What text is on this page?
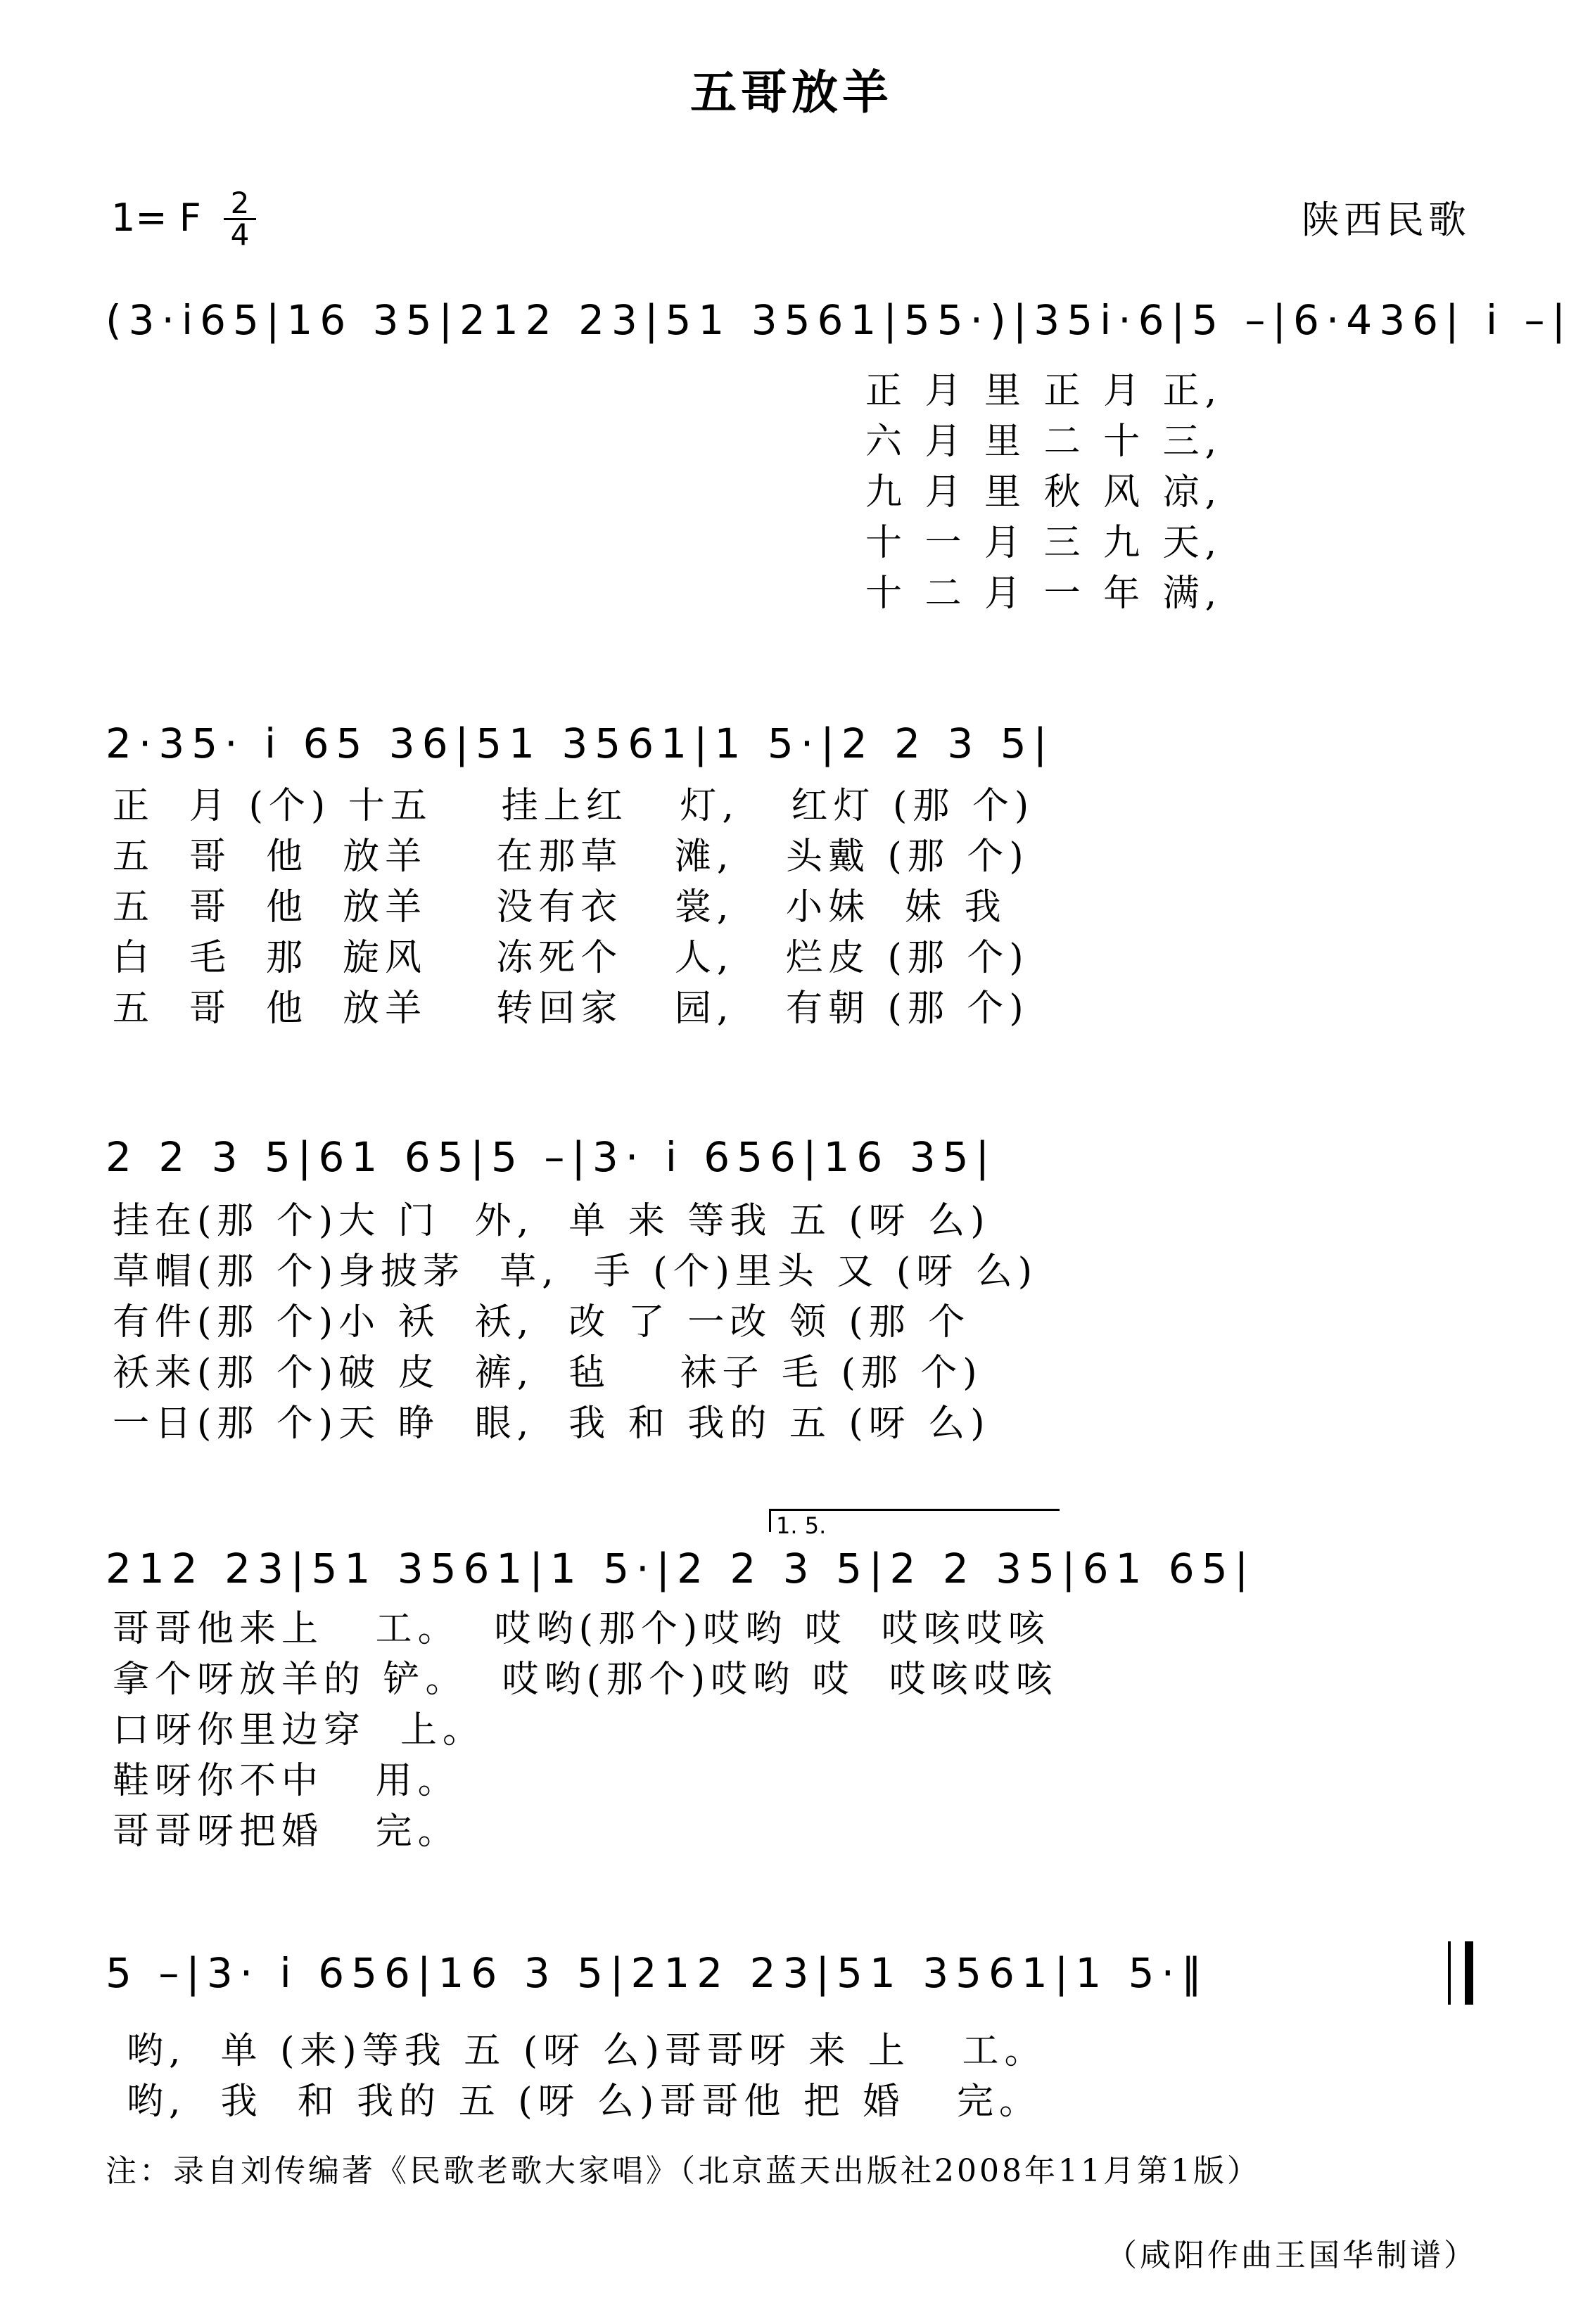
五哥放羊
1= F $\frac{2}{4}$	陕西民歌
(3·i65|16 35|212 23|51 3561|55·)|35i·6|5 –|6·436| i –|
正 月 里 正 月 正,
六 月 里 二 十 三,
九 月 里 秋 风 凉,
十 一 月 三 九 天,
十 二 月 一 年 满,
2·35· i 65 36|51 3561|1 5·|2 2 3 5|
正  月 (个) 十五    挂上红   灯,   红灯 (那 个)
五  哥  他  放羊    在那草   滩,   头戴 (那 个)
五  哥  他  放羊    没有衣   裳,   小妹  妹 我
白  毛  那  旋风    冻死个   人,   烂皮 (那 个)
五  哥  他  放羊    转回家   园,   有朝 (那 个)
2 2 3 5|61 65|5 –|3· i 656|16 35|
挂在(那 个)大 门  外,  单 来 等我 五 (呀 么)
草帽(那 个)身披茅  草,  手 (个)里头 又 (呀 么)
有件(那 个)小 袄  袄,  改 了 一改 领 (那 个
袄来(那 个)破 皮  裤,  毡    袜子 毛 (那 个)
一日(那 个)天 睁  眼,  我 和 我的 五 (呀 么)
1. 5.
212 23|51 3561|1 5·|2 2 3 5|2 2 35|61 65|
哥哥他来上   工。  哎哟(那个)哎哟 哎  哎咳哎咳
拿个呀放羊的 铲。  哎哟(那个)哎哟 哎  哎咳哎咳
口呀你里边穿  上。
鞋呀你不中   用。
哥哥呀把婚   完。
5 –|3· i 656|16 3 5|212 23|51 3561|1 5·‖
哟,  单 (来)等我 五 (呀 么)哥哥呀 来 上   工。
哟,  我  和 我的 五 (呀 么)哥哥他 把 婚   完。
注：录自刘传编著《民歌老歌大家唱》（北京蓝天出版社2008年11月第1版）
（咸阳作曲王国华制谱）
